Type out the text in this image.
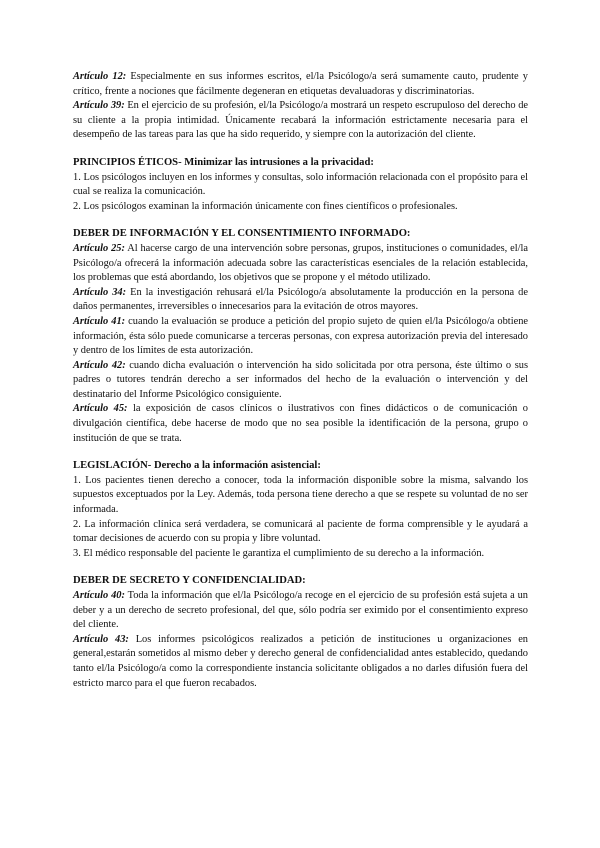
Artículo 12: Especialmente en sus informes escritos, el/la Psicólogo/a será sumamente cauto, prudente y crítico, frente a nociones que fácilmente degeneran en etiquetas devaluadoras y discriminatorias.

Artículo 39: En el ejercicio de su profesión, el/la Psicólogo/a mostrará un respeto escrupuloso del derecho de su cliente a la propia intimidad. Únicamente recabará la información estrictamente necesaria para el desempeño de las tareas para las que ha sido requerido, y siempre con la autorización del cliente.

PRINCIPIOS ÉTICOS- Minimizar las intrusiones a la privacidad:

1. Los psicólogos incluyen en los informes y consultas, solo información relacionada con el propósito para el cual se realiza la comunicación.

2. Los psicólogos examinan la información únicamente con fines científicos o profesionales.

DEBER DE INFORMACIÓN Y EL CONSENTIMIENTO INFORMADO:

Artículo 25: Al hacerse cargo de una intervención sobre personas, grupos, instituciones o comunidades, el/la Psicólogo/a ofrecerá la información adecuada sobre las características esenciales de la relación establecida, los problemas que está abordando, los objetivos que se propone y el método utilizado.

Artículo 34: En la investigación rehusará el/la Psicólogo/a absolutamente la producción en la persona de daños permanentes, irreversibles o innecesarios para la evitación de otros mayores.

Artículo 41: cuando la evaluación se produce a petición del propio sujeto de quien el/la Psicólogo/a obtiene información, ésta sólo puede comunicarse a terceras personas, con expresa autorización previa del interesado y dentro de los límites de esta autorización.

Artículo 42: cuando dicha evaluación o intervención ha sido solicitada por otra persona, éste último o sus padres o tutores tendrán derecho a ser informados del hecho de la evaluación o intervención y del destinatario del Informe Psicológico consiguiente.

Artículo 45: la exposición de casos clínicos o ilustrativos con fines didácticos o de comunicación o divulgación científica, debe hacerse de modo que no sea posible la identificación de la persona, grupo o institución de que se trata.

LEGISLACIÓN- Derecho a la información asistencial:

1. Los pacientes tienen derecho a conocer, toda la información disponible sobre la misma, salvando los supuestos exceptuados por la Ley. Además, toda persona tiene derecho a que se respete su voluntad de no ser informada.

2. La información clínica será verdadera, se comunicará al paciente de forma comprensible y le ayudará a tomar decisiones de acuerdo con su propia y libre voluntad.

3. El médico responsable del paciente le garantiza el cumplimiento de su derecho a la información.

DEBER DE SECRETO Y CONFIDENCIALIDAD:

Artículo 40: Toda la información que el/la Psicólogo/a recoge en el ejercicio de su profesión está sujeta a un deber y a un derecho de secreto profesional, del que, sólo podría ser eximido por el consentimiento expreso del cliente.

Artículo 43: Los informes psicológicos realizados a petición de instituciones u organizaciones en general,estarán sometidos al mismo deber y derecho general de confidencialidad antes establecido, quedando tanto el/la Psicólogo/a como la correspondiente instancia solicitante obligados a no darles difusión fuera del estricto marco para el que fueron recabados.
